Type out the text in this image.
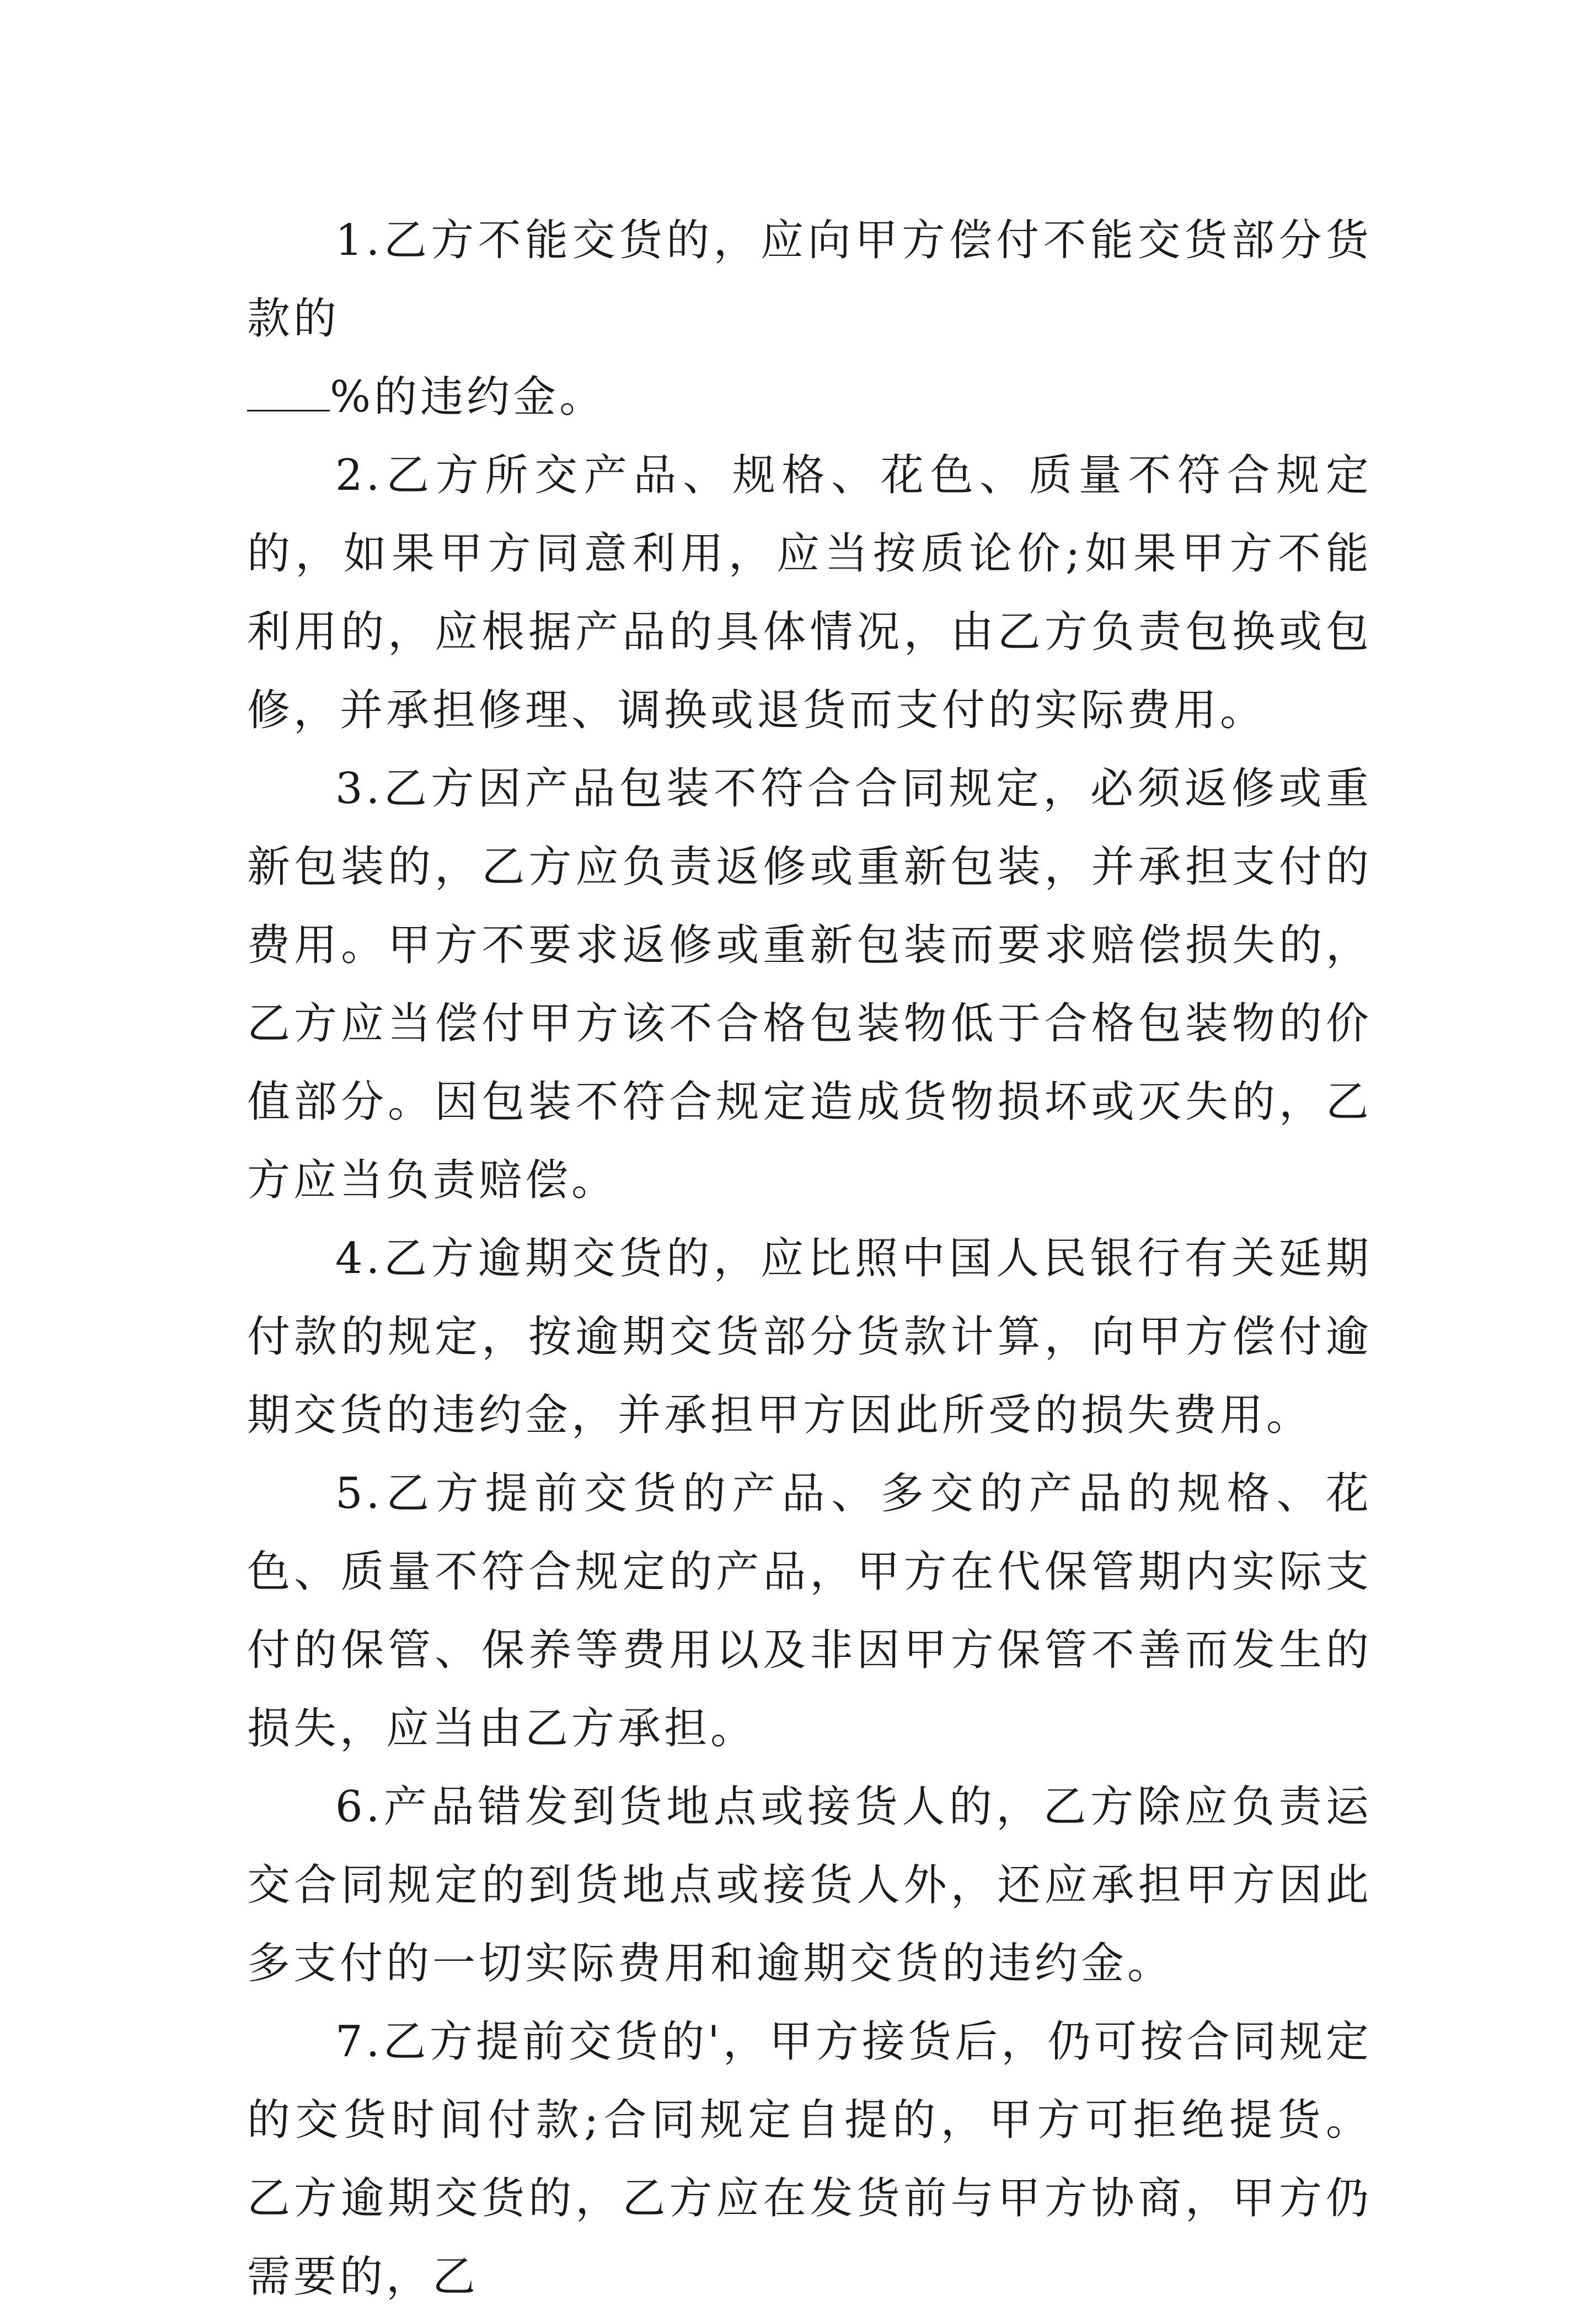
1.乙方不能交货的，应向甲方偿付不能交货部分货款的

%的违约金。

2.乙方所交产品、规格、花色、质量不符合规定的，如果甲方同意利用，应当按质论价;如果甲方不能利用的，应根据产品的具体情况，由乙方负责包换或包修，并承担修理、调换或退货而支付的实际费用。

3.乙方因产品包装不符合合同规定，必须返修或重新包装的，乙方应负责返修或重新包装，并承担支付的费用。甲方不要求返修或重新包装而要求赔偿损失的，乙方应当偿付甲方该不合格包装物低于合格包装物的价值部分。因包装不符合规定造成货物损坏或灭失的，乙方应当负责赔偿。

4.乙方逾期交货的，应比照中国人民银行有关延期付款的规定，按逾期交货部分货款计算，向甲方偿付逾期交货的违约金，并承担甲方因此所受的损失费用。

5.乙方提前交货的产品、多交的产品的规格、花色、质量不符合规定的产品，甲方在代保管期内实际支付的保管、保养等费用以及非因甲方保管不善而发生的损失，应当由乙方承担。

6.产品错发到货地点或接货人的，乙方除应负责运交合同规定的到货地点或接货人外，还应承担甲方因此多支付的一切实际费用和逾期交货的违约金。

7.乙方提前交货的'，甲方接货后，仍可按合同规定的交货时间付款;合同规定自提的，甲方可拒绝提货。乙方逾期交货的，乙方应在发货前与甲方协商，甲方仍需要的，乙
